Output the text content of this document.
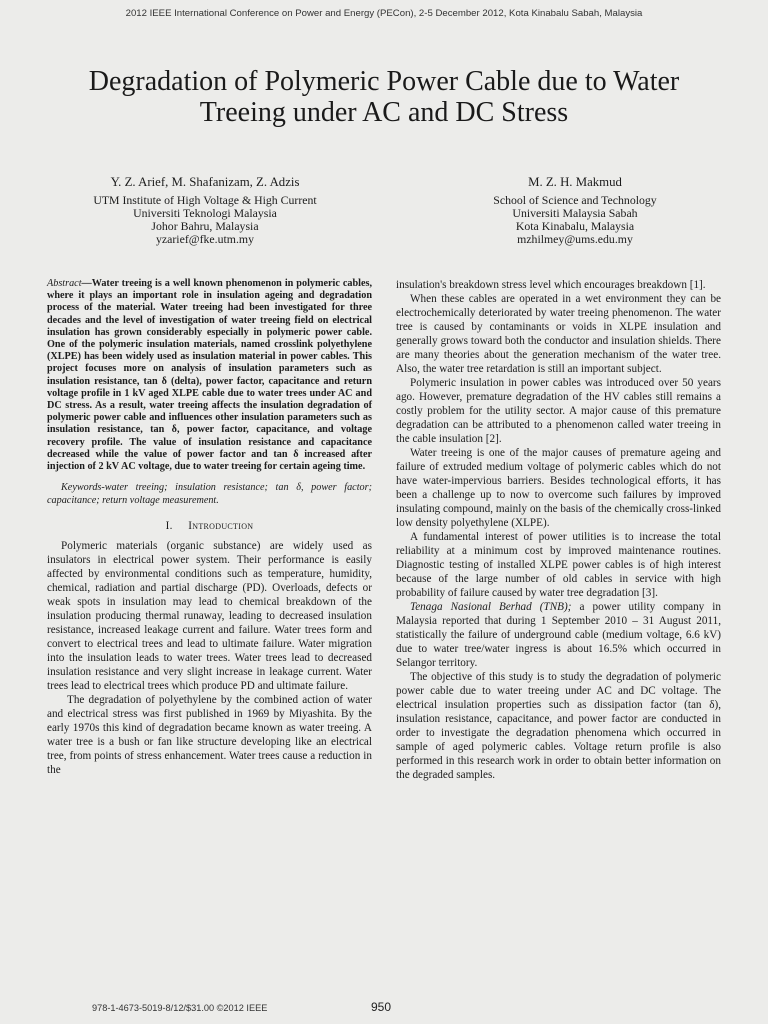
2012 IEEE International Conference on Power and Energy (PECon), 2-5 December 2012, Kota Kinabalu Sabah, Malaysia
Degradation of Polymeric Power Cable due to Water
Treeing under AC and DC Stress
Y. Z. Arief, M. Shafanizam, Z. Adzis
UTM Institute of High Voltage & High Current
Universiti Teknologi Malaysia
Johor Bahru, Malaysia
yzarief@fke.utm.my
M. Z. H. Makmud
School of Science and Technology
Universiti Malaysia Sabah
Kota Kinabalu, Malaysia
mzhilmey@ums.edu.my

Abstract—Water treeing is a well known phenomenon in polymeric cables, where it plays an important role in insulation ageing and degradation process of the material. Water treeing had been investigated for three decades and the level of investigation of water treeing field on electrical insulation has grown considerably especially in polymeric power cable. One of the polymeric insulation materials, named crosslink polyethylene (XLPE) has been widely used as insulation material in power cables. This project focuses more on analysis of insulation parameters such as insulation resistance, tan δ (delta), power factor, capacitance and return voltage profile in 1 kV aged XLPE cable due to water trees under AC and DC stress. As a result, water treeing affects the insulation degradation of polymeric power cable and influences other insulation parameters such as insulation resistance, tan δ, power factor, capacitance, and voltage recovery profile. The value of insulation resistance and capacitance decreased while the value of power factor and tan δ increased after injection of 2 kV AC voltage, due to water treeing for certain ageing time.

Keywords-water treeing; insulation resistance; tan δ, power factor; capacitance; return voltage measurement.

I. Introduction

Polymeric materials (organic substance) are widely used as insulators in electrical power system. Their performance is easily affected by environmental conditions such as temperature, humidity, chemical, radiation and partial discharge (PD). Overloads, defects or weak spots in insulation may lead to chemical breakdown of the insulation producing thermal runaway, leading to decreased insulation resistance, increased leakage current and failure. Water trees form and convert to electrical trees and lead to ultimate failure. Water migration into the insulation leads to water trees. Water trees lead to decreased insulation resistance and very slight increase in leakage current. Water trees lead to electrical trees which produce PD and ultimate failure.

The degradation of polyethylene by the combined action of water and electrical stress was first published in 1969 by Miyashita. By the early 1970s this kind of degradation became known as water treeing. A water tree is a bush or fan like structure developing like an electrical tree, from points of stress enhancement. Water trees cause a reduction in the

insulation's breakdown stress level which encourages breakdown [1].

When these cables are operated in a wet environment they can be electrochemically deteriorated by water treeing phenomenon. The water tree is caused by contaminants or voids in XLPE insulation and generally grows toward both the conductor and insulation shields. There are many theories about the generation mechanism of the water tree. Also, the water tree retardation is still an important subject.

Polymeric insulation in power cables was introduced over 50 years ago. However, premature degradation of the HV cables still remains a costly problem for the utility sector. A major cause of this premature degradation can be attributed to a phenomenon called water treeing in the cable insulation [2].

Water treeing is one of the major causes of premature ageing and failure of extruded medium voltage of polymeric cables which do not have water-impervious barriers. Besides technological efforts, it has been a challenge up to now to overcome such failures by improved insulating compound, mainly on the basis of the chemically cross-linked low density polyethylene (XLPE).

A fundamental interest of power utilities is to increase the total reliability at a minimum cost by improved maintenance routines. Diagnostic testing of installed XLPE power cables is of high interest because of the large number of old cables in service with high probability of failure caused by water tree degradation [3].

Tenaga Nasional Berhad (TNB); a power utility company in Malaysia reported that during 1 September 2010 – 31 August 2011, statistically the failure of underground cable (medium voltage, 6.6 kV) due to water tree/water ingress is about 16.5% which occurred in Selangor territory.

The objective of this study is to study the degradation of polymeric power cable due to water treeing under AC and DC voltage. The electrical insulation properties such as dissipation factor (tan δ), insulation resistance, capacitance, and power factor are conducted in order to investigate the degradation phenomena which occurred in sample of aged polymeric cables. Voltage return profile is also performed in this research work in order to obtain better information on the degraded samples.

978-1-4673-5019-8/12/$31.00 ©2012 IEEE	950
